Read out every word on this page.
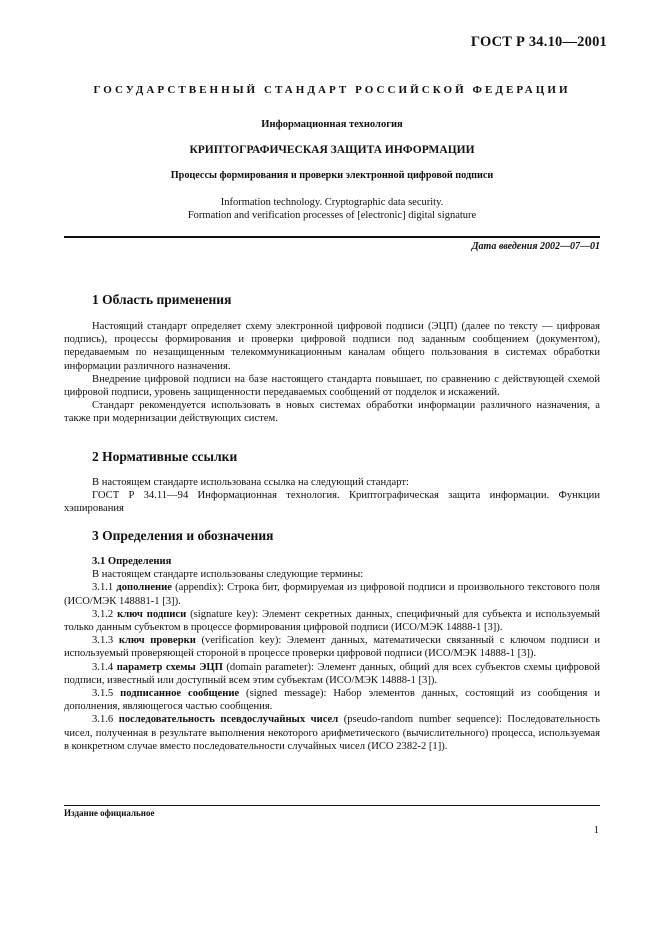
ГОСТ Р 34.10—2001
ГОСУДАРСТВЕННЫЙ СТАНДАРТ РОССИЙСКОЙ ФЕДЕРАЦИИ
Информационная технология
КРИПТОГРАФИЧЕСКАЯ ЗАЩИТА ИНФОРМАЦИИ
Процессы формирования и проверки электронной цифровой подписи
Information technology. Cryptographic data security.
Formation and verification processes of [electronic] digital signature
Дата введения 2002—07—01
1 Область применения

Настоящий стандарт определяет схему электронной цифровой подписи (ЭЦП) (далее по тексту — цифровая подпись), процессы формирования и проверки цифровой подписи под заданным сообщением (документом), передаваемым по незащищенным телекоммуникационным каналам общего пользования в системах обработки информации различного назначения.

Внедрение цифровой подписи на базе настоящего стандарта повышает, по сравнению с действующей схемой цифровой подписи, уровень защищенности передаваемых сообщений от подделок и искажений.

Стандарт рекомендуется использовать в новых системах обработки информации различного назначения, а также при модернизации действующих систем.

2 Нормативные ссылки

В настоящем стандарте использована ссылка на следующий стандарт:

ГОСТ Р 34.11—94 Информационная технология. Криптографическая защита информации. Функции хэширования

3 Определения и обозначения

3.1 Определения

В настоящем стандарте использованы следующие термины:

3.1.1 дополнение (appendix): Строка бит, формируемая из цифровой подписи и произвольного текстового поля (ИСО/МЭК 148881-1 [3]).

3.1.2 ключ подписи (signature key): Элемент секретных данных, специфичный для субъекта и используемый только данным субъектом в процессе формирования цифровой подписи (ИСО/МЭК 14888-1 [3]).

3.1.3 ключ проверки (verification key): Элемент данных, математически связанный с ключом подписи и используемый проверяющей стороной в процессе проверки цифровой подписи (ИСО/МЭК 14888-1 [3]).

3.1.4 параметр схемы ЭЦП (domain parameter): Элемент данных, общий для всех субъектов схемы цифровой подписи, известный или доступный всем этим субъектам (ИСО/МЭК 14888-1 [3]).

3.1.5 подписанное сообщение (signed message): Набор элементов данных, состоящий из сообщения и дополнения, являющегося частью сообщения.

3.1.6 последовательность псевдослучайных чисел (pseudo-random number sequence): Последовательность чисел, полученная в результате выполнения некоторого арифметического (вычислительного) процесса, используемая в конкретном случае вместо последовательности случайных чисел (ИСО 2382-2 [1]).

Издание официальное
1
